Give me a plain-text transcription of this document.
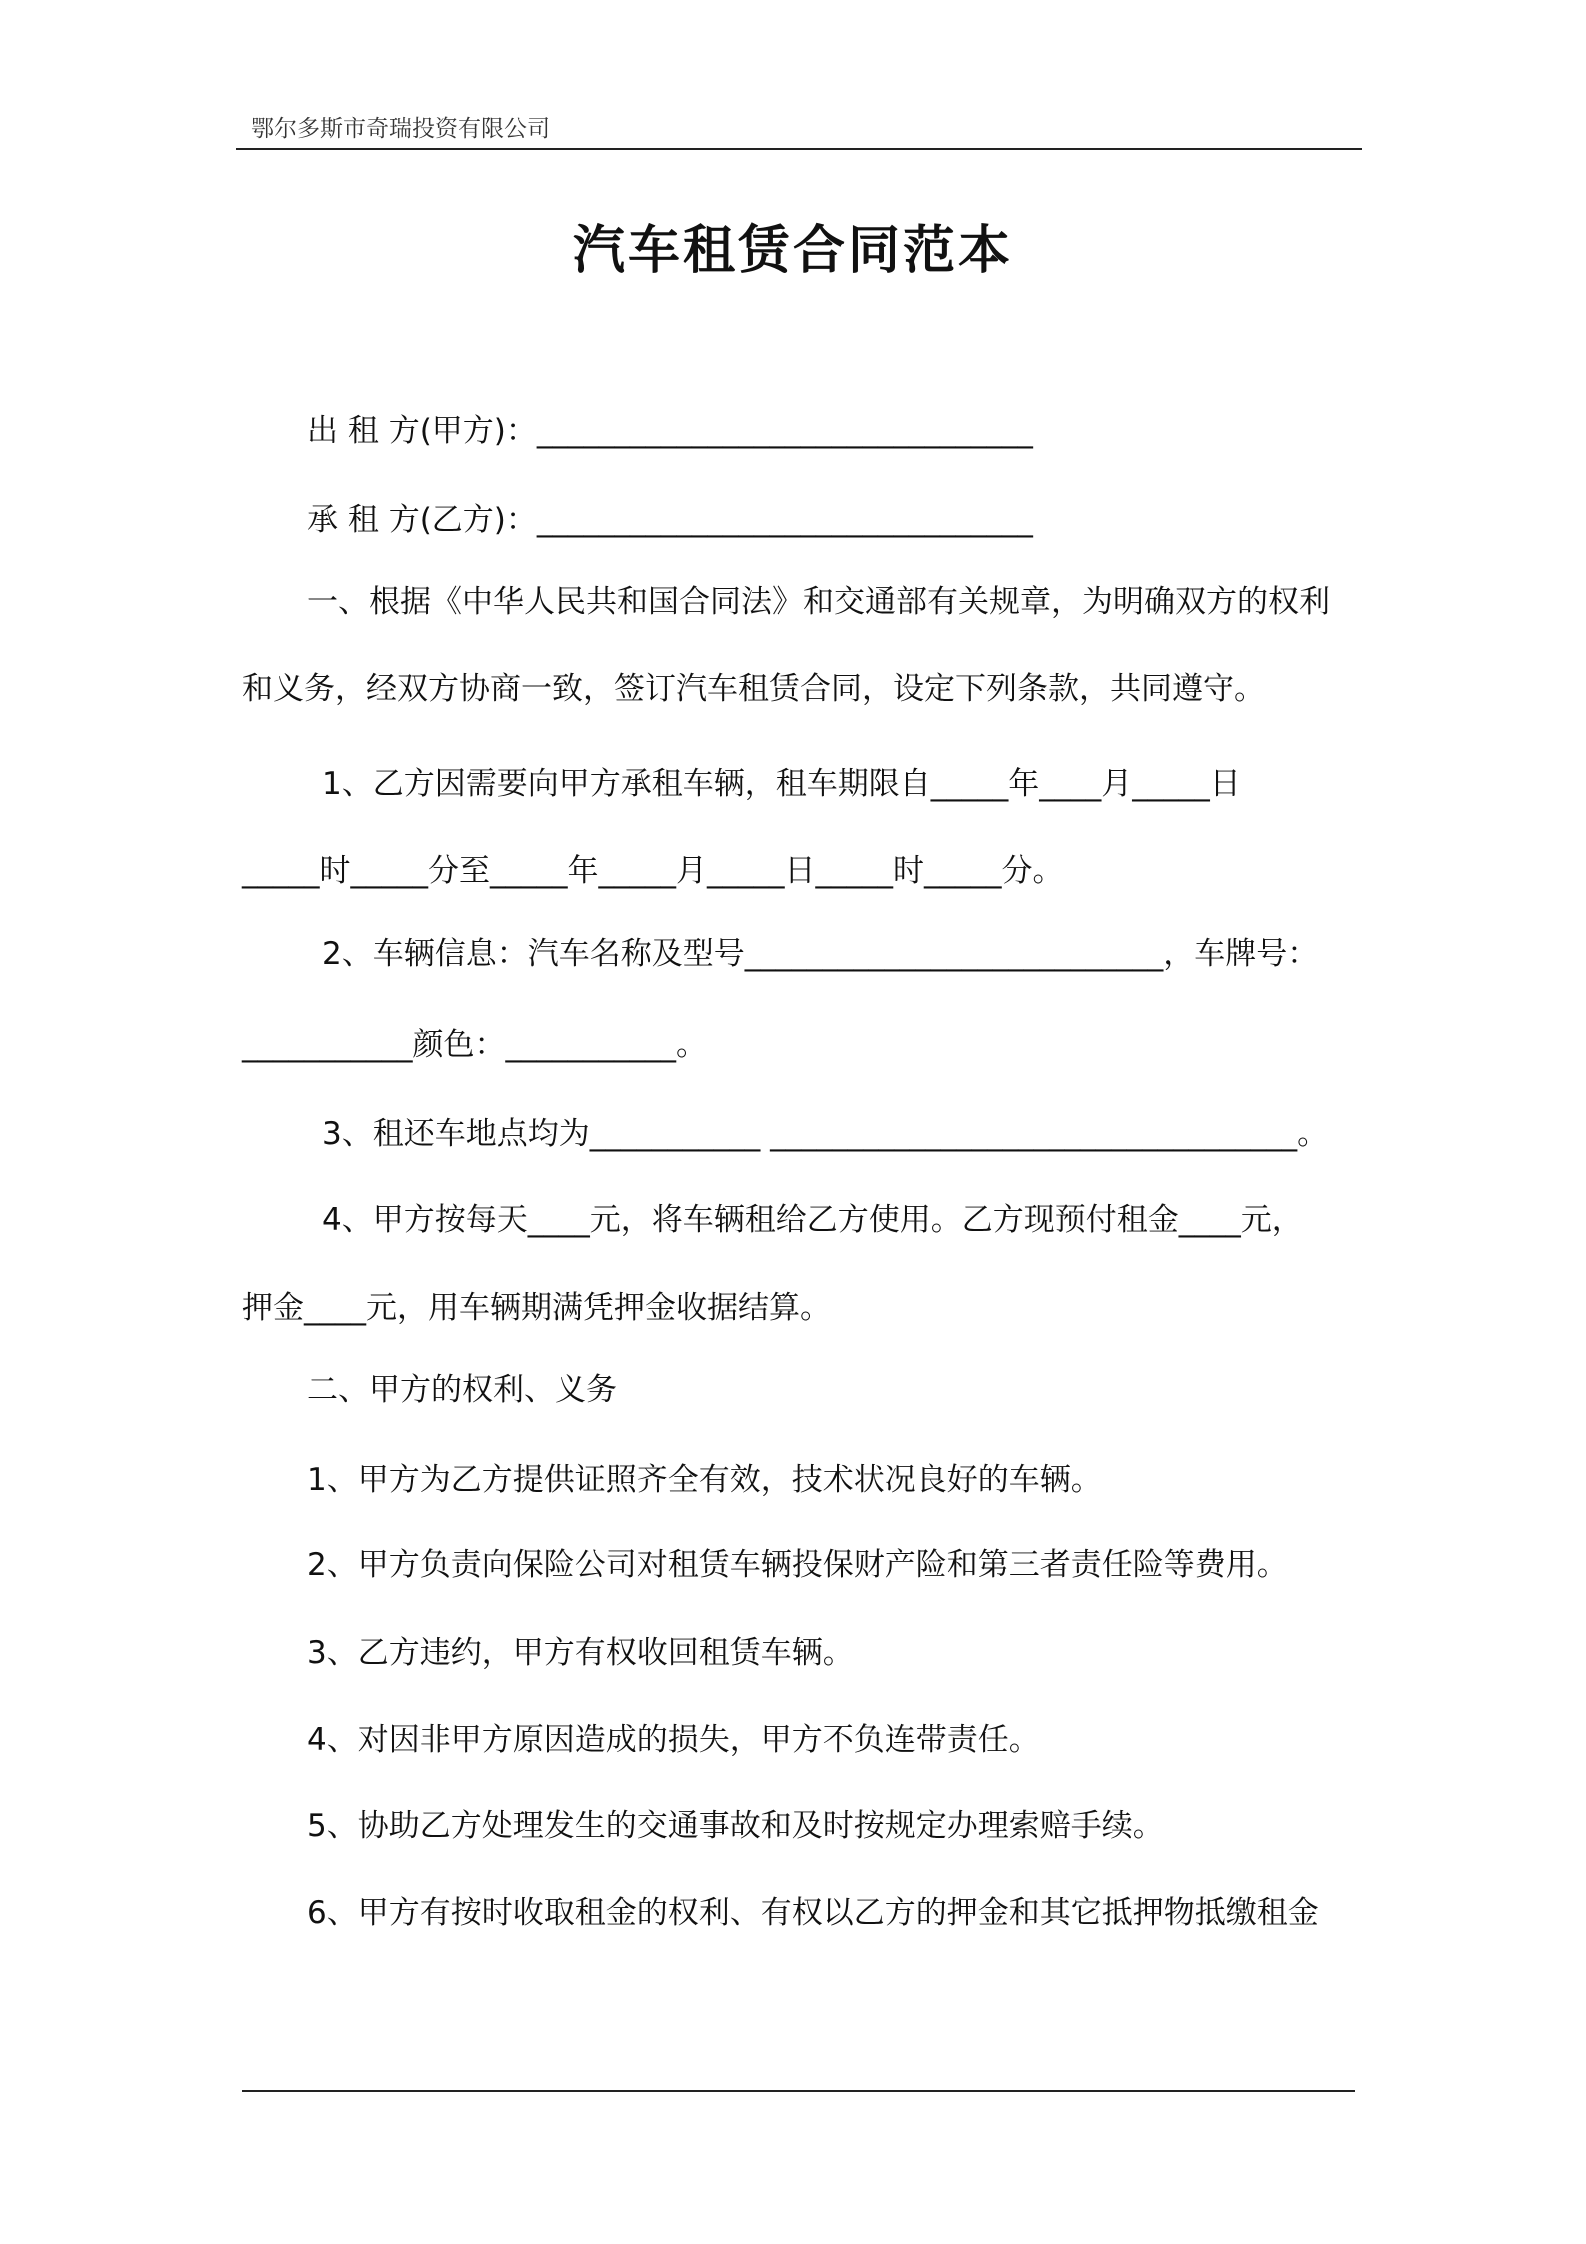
鄂尔多斯市奇瑞投资有限公司
汽车租赁合同范本
出 租 方(甲方)：________________________________
承 租 方(乙方)：________________________________
一、根据《中华人民共和国合同法》和交通部有关规章，为明确双方的权利
和义务，经双方协商一致，签订汽车租赁合同，设定下列条款，共同遵守。
1、乙方因需要向甲方承租车辆，租车期限自_____年____月_____日
_____时_____分至_____年_____月_____日_____时_____分。
2、车辆信息：汽车名称及型号___________________________，车牌号：
___________颜色：___________。
3、租还车地点均为___________ __________________________________。
4、甲方按每天____元，将车辆租给乙方使用。乙方现预付租金____元，
押金____元，用车辆期满凭押金收据结算。
二、甲方的权利、义务
1、甲方为乙方提供证照齐全有效，技术状况良好的车辆。
2、甲方负责向保险公司对租赁车辆投保财产险和第三者责任险等费用。
3、乙方违约，甲方有权收回租赁车辆。
4、对因非甲方原因造成的损失，甲方不负连带责任。
5、协助乙方处理发生的交通事故和及时按规定办理索赔手续。
6、甲方有按时收取租金的权利、有权以乙方的押金和其它抵押物抵缴租金
